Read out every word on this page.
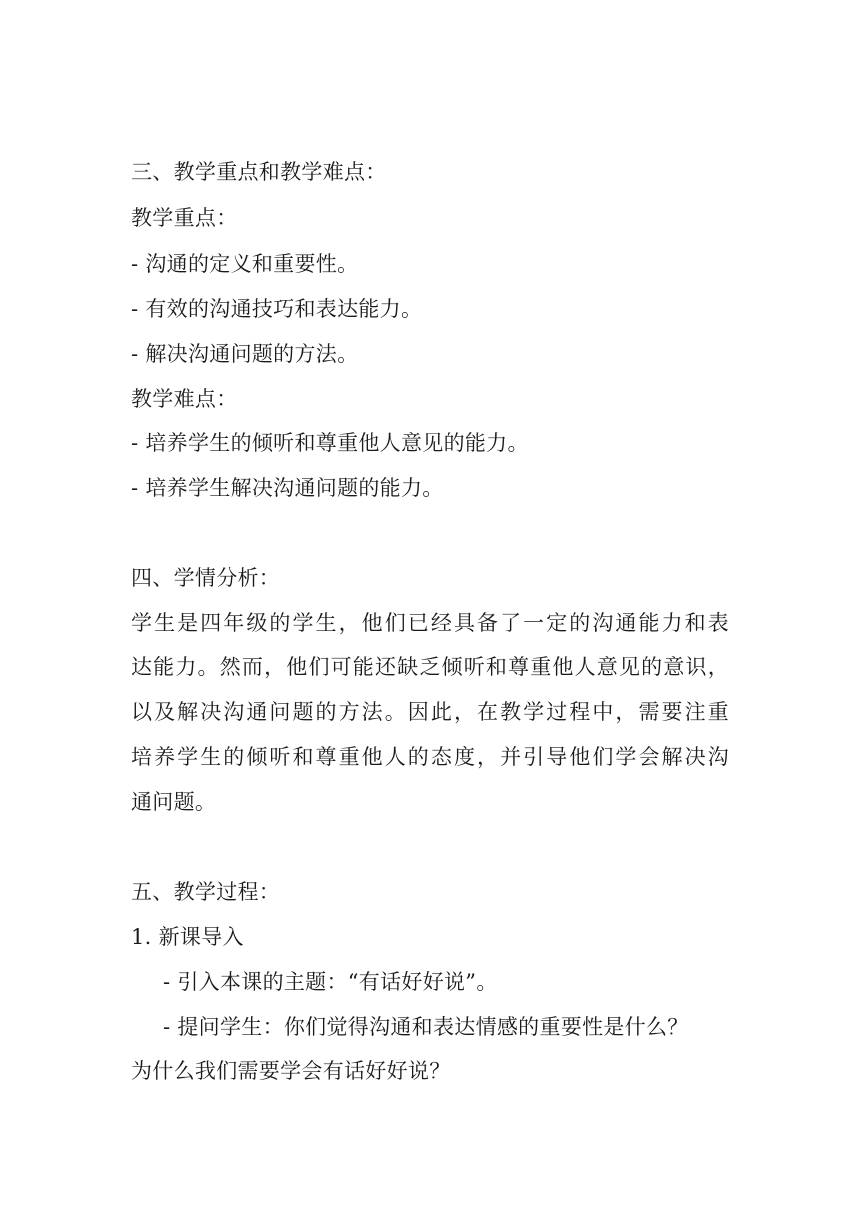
三、教学重点和教学难点：
教学重点：
- 沟通的定义和重要性。
- 有效的沟通技巧和表达能力。
- 解决沟通问题的方法。
教学难点：
- 培养学生的倾听和尊重他人意见的能力。
- 培养学生解决沟通问题的能力。
四、学情分析：
学生是四年级的学生，他们已经具备了一定的沟通能力和表
达能力。然而，他们可能还缺乏倾听和尊重他人意见的意识，
以及解决沟通问题的方法。因此，在教学过程中，需要注重
培养学生的倾听和尊重他人的态度，并引导他们学会解决沟
通问题。
五、教学过程：
1. 新课导入
- 引入本课的主题：“有话好好说”。
- 提问学生：你们觉得沟通和表达情感的重要性是什么？
为什么我们需要学会有话好好说？
